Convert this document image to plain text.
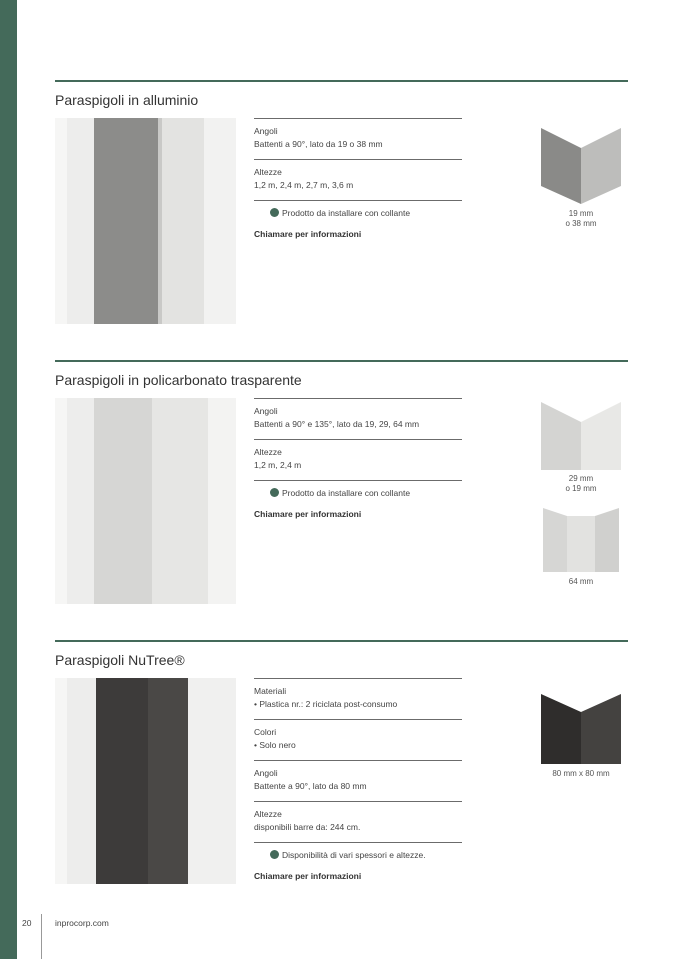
Paraspigoli in alluminio
Angoli
Battenti a 90°, lato da 19 o 38 mm
Altezze
1,2 m, 2,4 m, 2,7 m, 3,6 m
Prodotto da installare con collante
Chiamare per informazioni
19 mm
o 38 mm
Paraspigoli in policarbonato trasparente
Angoli
Battenti a 90° e 135°, lato da 19, 29, 64 mm
Altezze
1,2 m, 2,4 m
Prodotto da installare con collante
Chiamare per informazioni
29 mm
o 19 mm
64 mm
Paraspigoli NuTree®
Materiali
• Plastica nr.: 2 riciclata post-consumo
Colori
• Solo nero
Angoli
Battente a 90°, lato da 80 mm
Altezze
disponibili barre da: 244 cm.
Disponibilità di vari spessori e altezze.
Chiamare per informazioni
80 mm x 80 mm
20	inprocorp.com
